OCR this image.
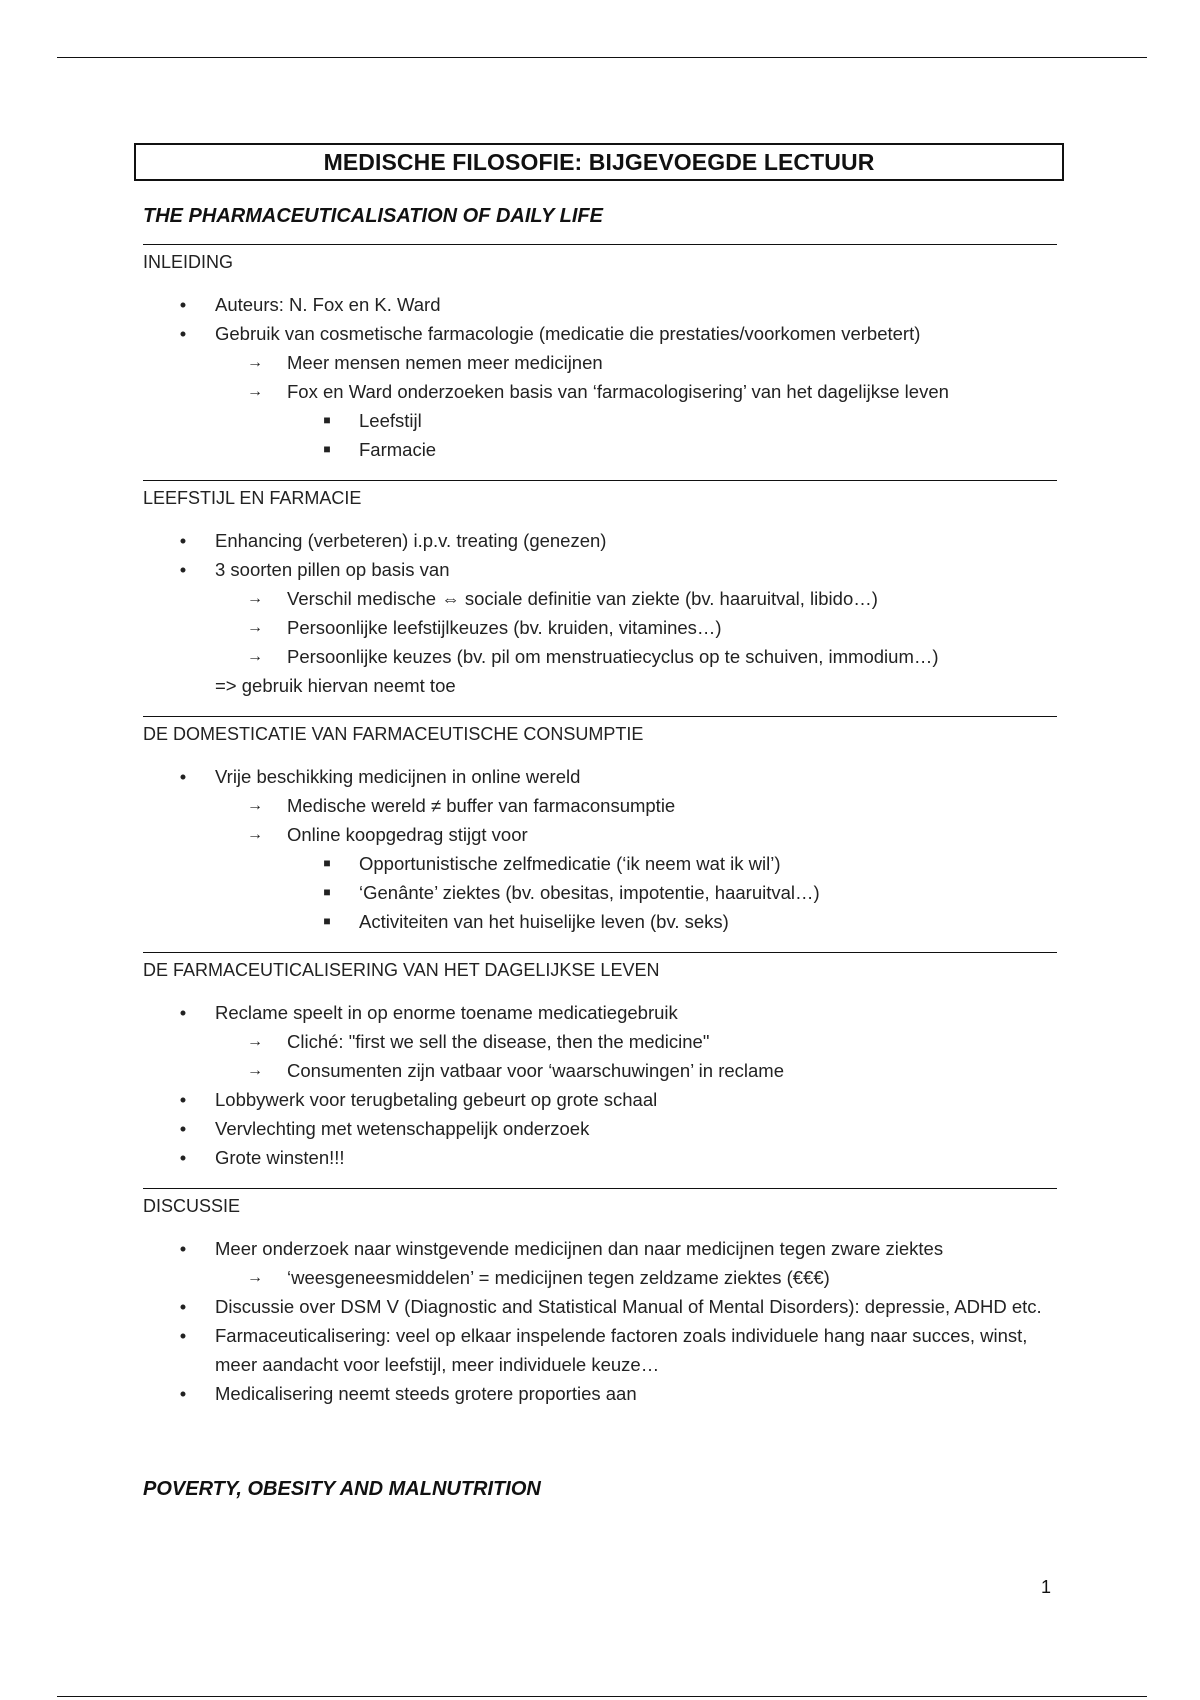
MEDISCHE FILOSOFIE: BIJGEVOEGDE LECTUUR
THE PHARMACEUTICALISATION OF DAILY LIFE
INLEIDING
•	Auteurs: N. Fox en K. Ward
•	Gebruik van cosmetische farmacologie (medicatie die prestaties/voorkomen verbetert)
→ Meer mensen nemen meer medicijnen
→ Fox en Ward onderzoeken basis van ‘farmacologisering’ van het dagelijkse leven
■	Leefstijl
■	Farmacie
LEEFSTIJL EN FARMACIE
•	Enhancing (verbeteren) i.p.v. treating (genezen)
•	3 soorten pillen op basis van
→ Verschil medische ⇔ sociale definitie van ziekte (bv. haaruitval, libido…)
→ Persoonlijke leefstijlkeuzes (bv. kruiden, vitamines…)
→ Persoonlijke keuzes (bv. pil om menstruatiecyclus op te schuiven, immodium…)
=> gebruik hiervan neemt toe
DE DOMESTICATIE VAN FARMACEUTISCHE CONSUMPTIE
•	Vrije beschikking medicijnen in online wereld
→ Medische wereld ≠ buffer van farmaconsumptie
→ Online koopgedrag stijgt voor
■	Opportunistische zelfmedicatie (‘ik neem wat ik wil’)
■	‘Genânte’ ziektes (bv. obesitas, impotentie, haaruitval…)
■	Activiteiten van het huiselijke leven (bv. seks)
DE FARMACEUTICALISERING VAN HET DAGELIJKSE LEVEN
•	Reclame speelt in op enorme toename medicatiegebruik
→ Cliché: "first we sell the disease, then the medicine"
→ Consumenten zijn vatbaar voor ‘waarschuwingen’ in reclame
•	Lobbywerk voor terugbetaling gebeurt op grote schaal
•	Vervlechting met wetenschappelijk onderzoek
•	Grote winsten!!!
DISCUSSIE
•	Meer onderzoek naar winstgevende medicijnen dan naar medicijnen tegen zware ziektes
→ ‘weesgeneesmiddelen’ = medicijnen tegen zeldzame ziektes (€€€)
•	Discussie over DSM V (Diagnostic and Statistical Manual of Mental Disorders): depressie, ADHD etc.
•	Farmaceuticalisering: veel op elkaar inspelende factoren zoals individuele hang naar succes, winst, meer aandacht voor leefstijl, meer individuele keuze…
•	Medicalisering neemt steeds grotere proporties aan
POVERTY, OBESITY AND MALNUTRITION
1
